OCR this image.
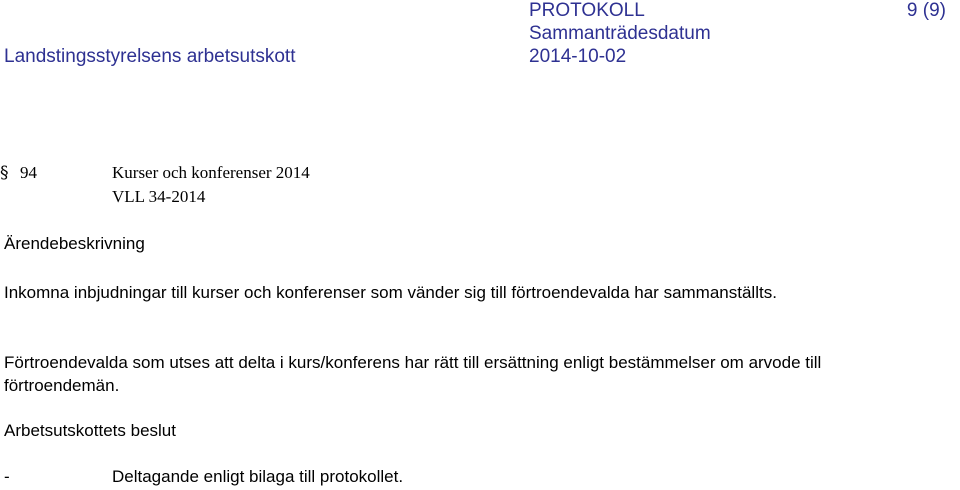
PROTOKOLL	9 (9)
Landstingsstyrelsens arbetsutskott
Sammanträdesdatum
2014-10-02
§ 94	Kurser och konferenser 2014
VLL 34-2014
Ärendebeskrivning
Inkomna inbjudningar till kurser och konferenser som vänder sig till förtroendevalda har sammanställts.
Förtroendevalda som utses att delta i kurs/konferens har rätt till ersättning enligt bestämmelser om arvode till förtroendemän.
Arbetsutskottets beslut
-	Deltagande enligt bilaga till protokollet.
